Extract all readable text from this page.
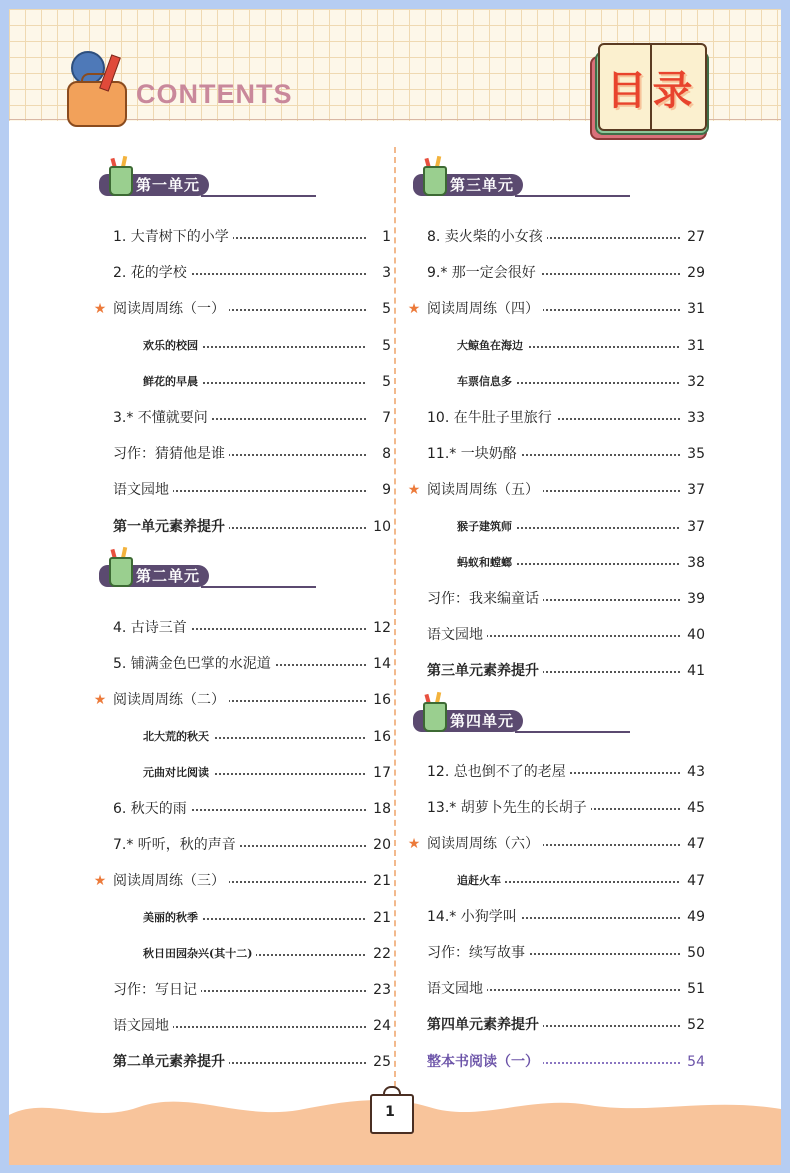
CONTENTS	目录
第一单元
1. 大青树下的小学	1
2. 花的学校	3
★ 阅读周周练（一）	5
欢乐的校园	5
鲜花的早晨	5
3.* 不懂就要问	7
习作：猜猜他是谁	8
语文园地	9
第一单元素养提升	10
第二单元
4. 古诗三首	12
5. 铺满金色巴掌的水泥道	14
★ 阅读周周练（二）	16
北大荒的秋天	16
元曲对比阅读	17
6. 秋天的雨	18
7.* 听听，秋的声音	20
★ 阅读周周练（三）	21
美丽的秋季	21
秋日田园杂兴(其十二)	22
习作：写日记	23
语文园地	24
第二单元素养提升	25
第三单元
8. 卖火柴的小女孩	27
9.* 那一定会很好	29
★ 阅读周周练（四）	31
大鲸鱼在海边	31
车票信息多	32
10. 在牛肚子里旅行	33
11.* 一块奶酪	35
★ 阅读周周练（五）	37
猴子建筑师	37
蚂蚁和螳螂	38
习作：我来编童话	39
语文园地	40
第三单元素养提升	41
第四单元
12. 总也倒不了的老屋	43
13.* 胡萝卜先生的长胡子	45
★ 阅读周周练（六）	47
追赶火车	47
14.* 小狗学叫	49
习作：续写故事	50
语文园地	51
第四单元素养提升	52
整本书阅读（一）	54
1
